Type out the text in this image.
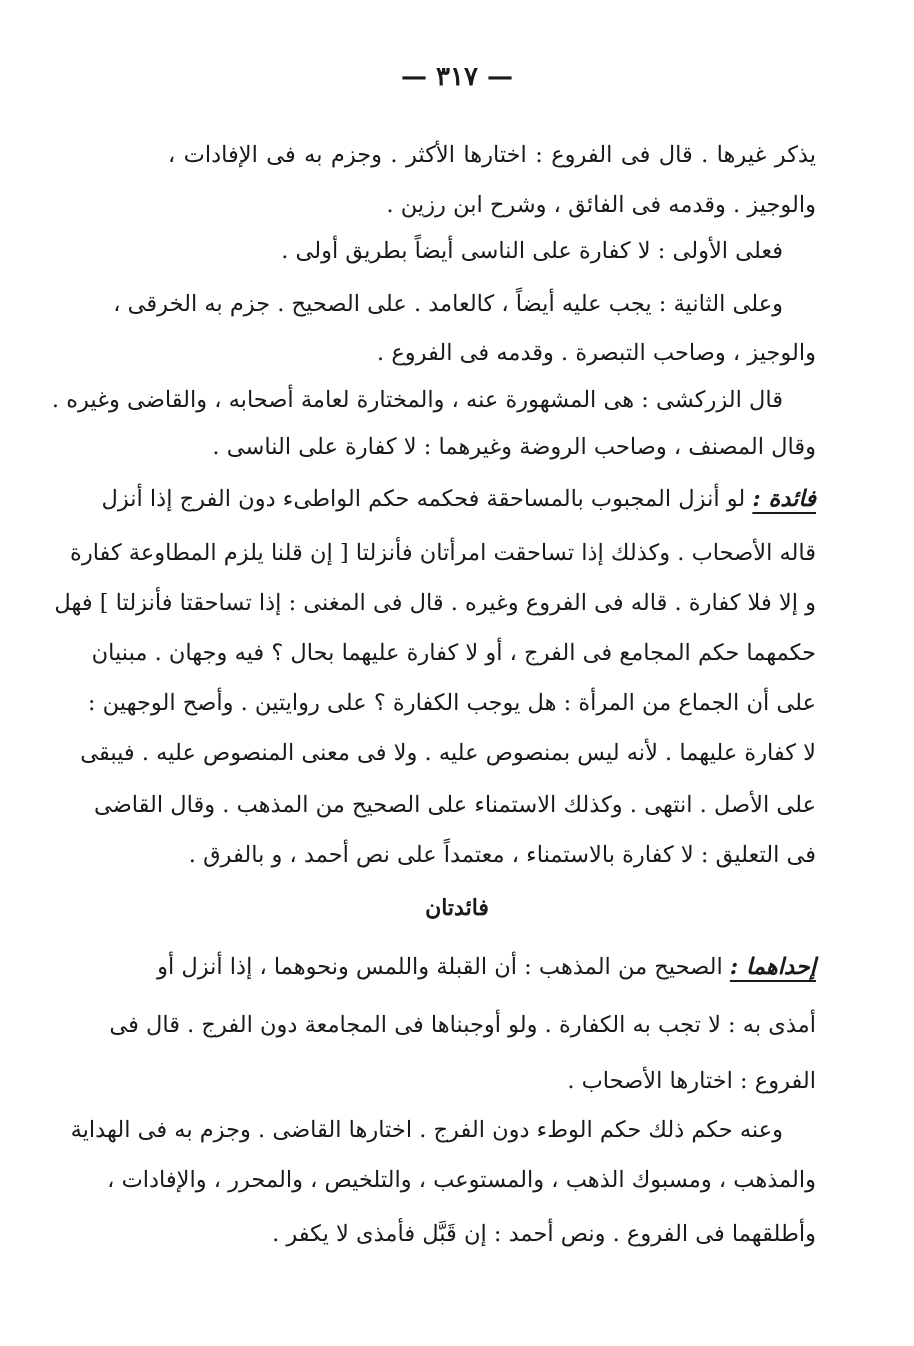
— ٣١٧ —
يذكر غيرها . قال فى الفروع : اختارها الأكثر . وجزم به فى الإفادات ،
والوجيز . وقدمه فى الفائق ، وشرح ابن رزين .
فعلى الأولى : لا كفارة على الناسى أيضاً بطريق أولى .
وعلى الثانية : يجب عليه أيضاً ، كالعامد . على الصحيح . جزم به الخرقى ،
والوجيز ، وصاحب التبصرة . وقدمه فى الفروع .
قال الزركشى : هى المشهورة عنه ، والمختارة لعامة أصحابه ، والقاضى وغيره .
وقال المصنف ، وصاحب الروضة وغيرهما : لا كفارة على الناسى .
فائدة : لو أنزل المجبوب بالمساحقة فحكمه حكم الواطىء دون الفرج إذا أنزل
قاله الأصحاب . وكذلك إذا تساحقت امرأتان فأنزلتا [ إن قلنا يلزم المطاوعة كفارة
و إلا فلا كفارة . قاله فى الفروع وغيره . قال فى المغنى : إذا تساحقتا فأنزلتا ] فهل
حكمهما حكم المجامع فى الفرج ، أو لا كفارة عليهما بحال ؟ فيه وجهان . مبنيان
على أن الجماع من المرأة : هل يوجب الكفارة ؟ على روايتين . وأصح الوجهين :
لا كفارة عليهما . لأنه ليس بمنصوص عليه . ولا فى معنى المنصوص عليه . فيبقى
على الأصل . انتهى . وكذلك الاستمناء على الصحيح من المذهب . وقال القاضى
فى التعليق : لا كفارة بالاستمناء ، معتمداً على نص أحمد ، و بالفرق .
فائدتان
إحداهما : الصحيح من المذهب : أن القبلة واللمس ونحوهما ، إذا أنزل أو
أمذى به : لا تجب به الكفارة . ولو أوجبناها فى المجامعة دون الفرج . قال فى
الفروع : اختارها الأصحاب .
وعنه حكم ذلك حكم الوطء دون الفرج . اختارها القاضى . وجزم به فى الهداية
والمذهب ، ومسبوك الذهب ، والمستوعب ، والتلخيص ، والمحرر ، والإفادات ،
وأطلقهما فى الفروع . ونص أحمد : إن قَبَّل فأمذى لا يكفر .
